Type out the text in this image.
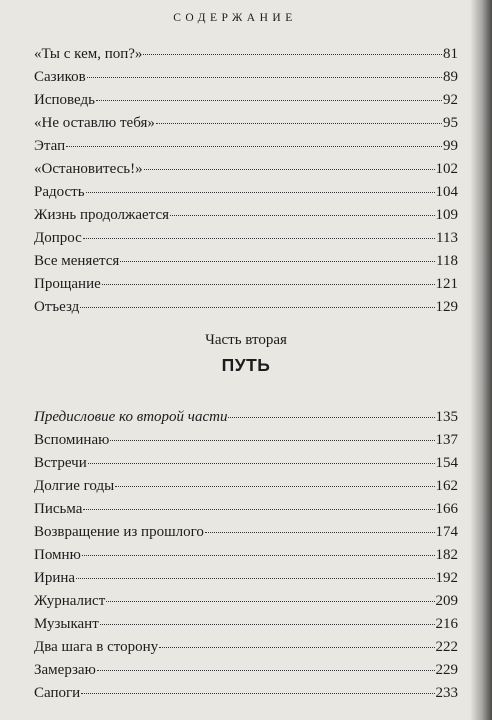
СОДЕРЖАНИЕ
«Ты с кем, поп?»	81
Сазиков	89
Исповедь	92
«Не оставлю тебя»	95
Этап	99
«Остановитесь!»	102
Радость	104
Жизнь продолжается	109
Допрос	113
Все меняется	118
Прощание	121
Отъезд	129
Часть вторая
ПУТЬ
Предисловие ко второй части	135
Вспоминаю	137
Встречи	154
Долгие годы	162
Письма	166
Возвращение из прошлого	174
Помню	182
Ирина	192
Журналист	209
Музыкант	216
Два шага в сторону	222
Замерзаю	229
Сапоги	233
